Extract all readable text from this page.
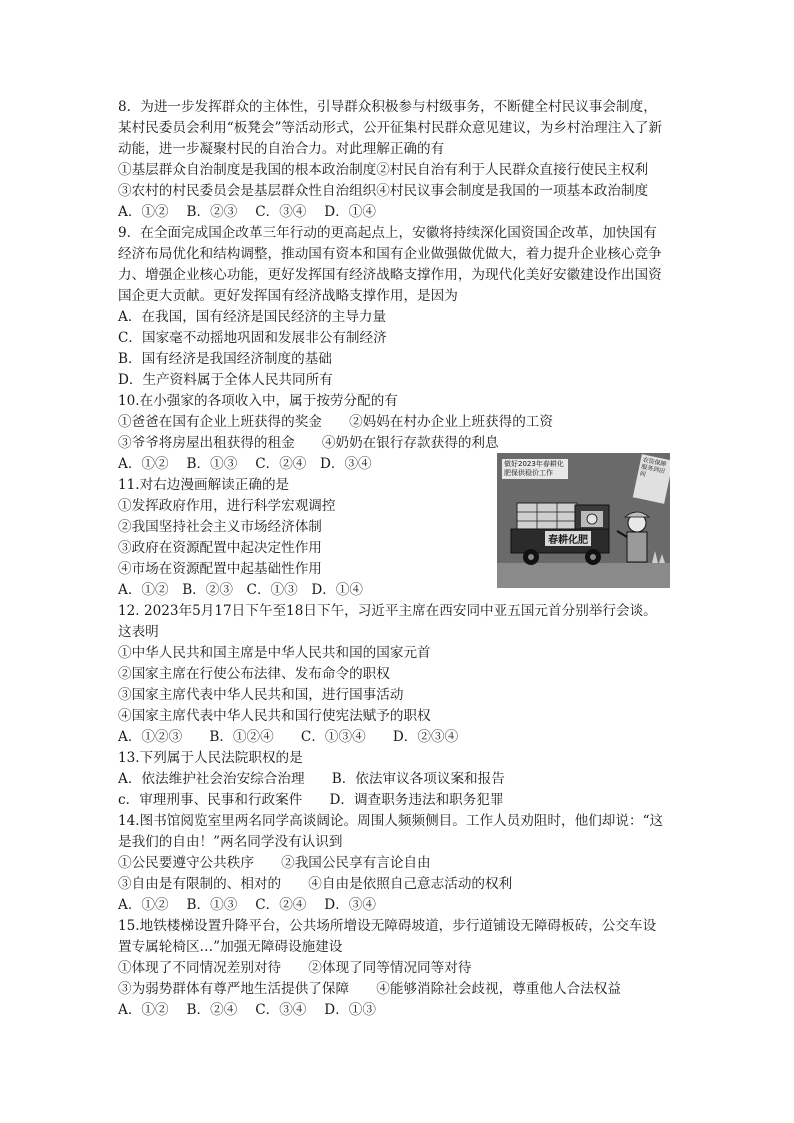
8．为进一步发挥群众的主体性，引导群众积极参与村级事务，不断健全村民议事会制度，
某村民委员会利用“板凳会”等活动形式，公开征集村民群众意见建议，为乡村治理注入了新
动能，进一步凝聚村民的自治合力。对此理解正确的有
①基层群众自治制度是我国的根本政治制度②村民自治有利于人民群众直接行使民主权利
③农村的村民委员会是基层群众性自治组织④村民议事会制度是我国的一项基本政治制度
A．①②　 B．②③　 C．③④　 D．①④
9．在全面完成国企改革三年行动的更高起点上，安徽将持续深化国资国企改革，加快国有
经济布局优化和结构调整，推动国有资本和国有企业做强做优做大，着力提升企业核心竞争
力、增强企业核心功能，更好发挥国有经济战略支撑作用，为现代化美好安徽建设作出国资
国企更大贡献。更好发挥国有经济战略支撑作用，是因为
A．在我国，国有经济是国民经济的主导力量
C．国家毫不动摇地巩固和发展非公有制经济
B．国有经济是我国经济制度的基础
D．生产资料属于全体人民共同所有
10.在小强家的各项收入中，属于按劳分配的有
①爸爸在国有企业上班获得的奖金　　②妈妈在村办企业上班获得的工资
③爷爷将房屋出租获得的租金　　④奶奶在银行存款获得的利息
A．①②　 B．①③　 C．②④　D．③④
11.对右边漫画解读正确的是
①发挥政府作用，进行科学宏观调控
②我国坚持社会主义市场经济体制
③政府在资源配置中起决定性作用
④市场在资源配置中起基础性作用
A．①②　B．②③　C．①③　D．①④
12. 2023年5月17日下午至18日下午，习近平主席在西安同中亚五国元首分别举行会谈。
这表明
①中华人民共和国主席是中华人民共和国的国家元首
②国家主席在行使公布法律、发布命令的职权
③国家主席代表中华人民共和国，进行国事活动
④国家主席代表中华人民共和国行使宪法赋予的职权
A．①②③　　B．①②④　　C．①③④　　D．②③④
13.下列属于人民法院职权的是
A．依法维护社会治安综合治理　　B．依法审议各项议案和报告
c．审理刑事、民事和行政案件　　D．调查职务违法和职务犯罪
14.图书馆阅览室里两名同学高谈阔论。周围人频频侧目。工作人员劝阻时，他们却说：“这
是我们的自由！”两名同学没有认识到
①公民要遵守公共秩序　　②我国公民享有言论自由
③自由是有限制的、相对的　　④自由是依照自己意志活动的权利
A．①②　 B．①③　 C．②④　 D．③④
15.地铁楼梯设置升降平台，公共场所增设无障碍坡道，步行道铺设无障碍板砖，公交车设
置专属轮椅区…”加强无障碍设施建设
①体现了不同情况差别对待　　②体现了同等情况同等对待
③为弱势群体有尊严地生活提供了保障　　④能够消除社会歧视，尊重他人合法权益
A．①②　 B．②④　 C．③④　 D．①③
做好2023年春耕化肥保供稳价工作
农资保障服务到田间
春耕化肥
